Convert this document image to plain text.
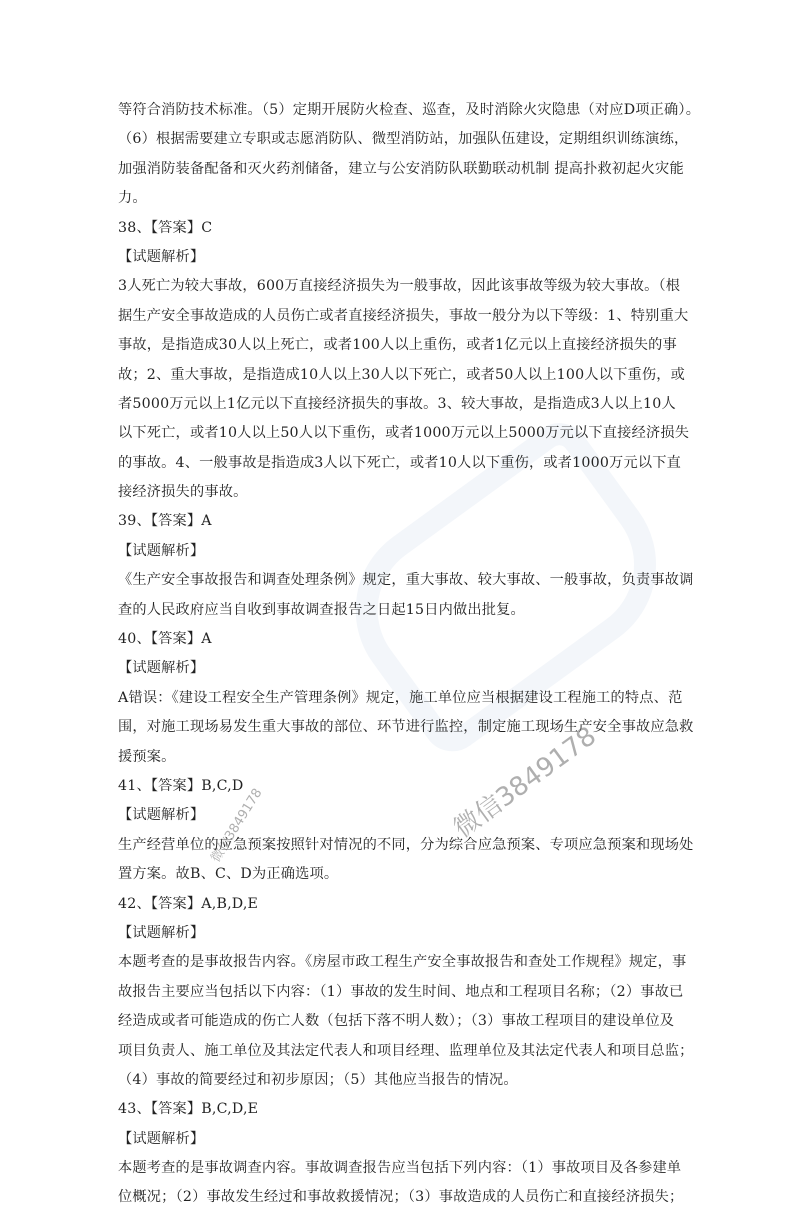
等符合消防技术标准。（5）定期开展防火检查、巡查，及时消除火灾隐患（对应D项正确）。
（6）根据需要建立专职或志愿消防队、微型消防站，加强队伍建设，定期组织训练演练，
加强消防装备配备和灭火药剂储备，建立与公安消防队联勤联动机制 提高扑救初起火灾能
力。
38、【答案】C
【试题解析】
3人死亡为较大事故，600万直接经济损失为一般事故，因此该事故等级为较大事故。（根
据生产安全事故造成的人员伤亡或者直接经济损失，事故一般分为以下等级：1、特别重大
事故，是指造成30人以上死亡，或者100人以上重伤，或者1亿元以上直接经济损失的事
故；2、重大事故，是指造成10人以上30人以下死亡，或者50人以上100人以下重伤，或
者5000万元以上1亿元以下直接经济损失的事故。3、较大事故，是指造成3人以上10人
以下死亡，或者10人以上50人以下重伤，或者1000万元以上5000万元以下直接经济损失
的事故。4、一般事故是指造成3人以下死亡，或者10人以下重伤，或者1000万元以下直
接经济损失的事故。
39、【答案】A
【试题解析】
《生产安全事故报告和调查处理条例》规定，重大事故、较大事故、一般事故，负责事故调
查的人民政府应当自收到事故调查报告之日起15日内做出批复。
40、【答案】A
【试题解析】
A错误：《建设工程安全生产管理条例》规定，施工单位应当根据建设工程施工的特点、范
围，对施工现场易发生重大事故的部位、环节进行监控，制定施工现场生产安全事故应急救
援预案。
41、【答案】B,C,D
【试题解析】
生产经营单位的应急预案按照针对情况的不同，分为综合应急预案、专项应急预案和现场处
置方案。故B、C、D为正确选项。
42、【答案】A,B,D,E
【试题解析】
本题考查的是事故报告内容。《房屋市政工程生产安全事故报告和查处工作规程》规定，事
故报告主要应当包括以下内容：（1）事故的发生时间、地点和工程项目名称；（2）事故已
经造成或者可能造成的伤亡人数（包括下落不明人数）；（3）事故工程项目的建设单位及
项目负责人、施工单位及其法定代表人和项目经理、监理单位及其法定代表人和项目总监；
（4）事故的简要经过和初步原因；（5）其他应当报告的情况。
43、【答案】B,C,D,E
【试题解析】
本题考查的是事故调查内容。事故调查报告应当包括下列内容：（1）事故项目及各参建单
位概况；（2）事故发生经过和事故救援情况；（3）事故造成的人员伤亡和直接经济损失；
微信3849178
微信3849178
